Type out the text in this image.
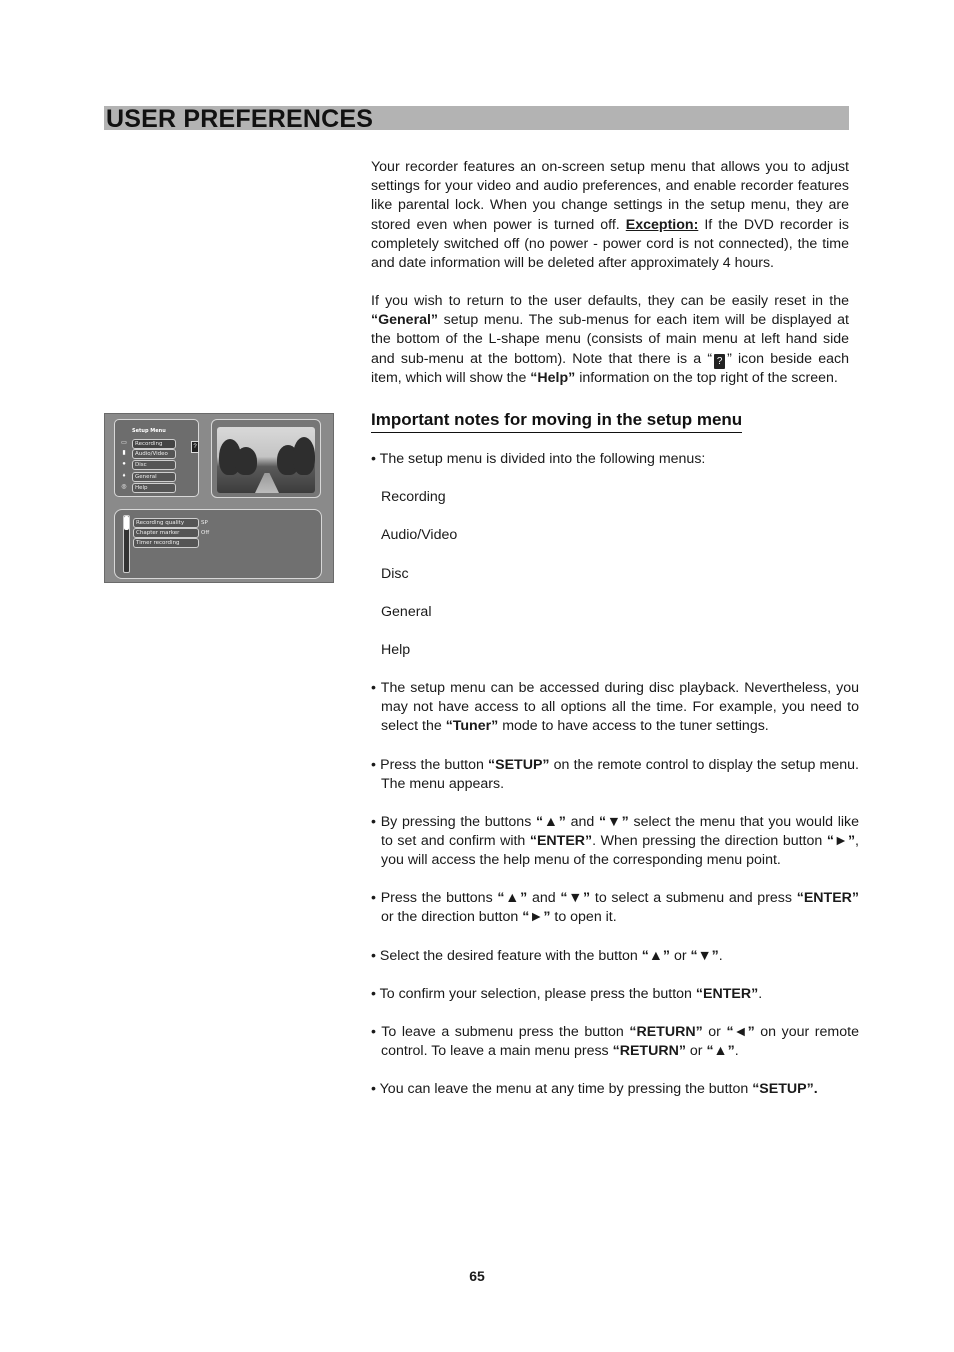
USER PREFERENCES
Your recorder features an on-screen setup menu that allows you to adjust settings for your video and audio preferences, and enable recorder features like parental lock. When you change settings in the setup menu, they are stored even when power is turned off. Exception: If the DVD recorder is completely switched off (no power - power cord is not connected), the time and date information will be deleted after approximately 4 hours.
If you wish to return to the user defaults, they can be easily reset in the “General” setup menu. The sub-menus for each item will be displayed at the bottom of the L-shape menu (consists of main menu at left hand side and sub-menu at the bottom). Note that there is a “ ? ” icon beside each item, which will show the “Help” information on the top right of the screen.
Setup Menu
▭	Recording	?
▮	Audio/Video
●	Disc
♦	General
◎	Help
Recording quality	SP
Chapter marker	Off
Timer recording
Important notes for moving in the setup menu
• The setup menu is divided into the following menus:
Recording
Audio/Video
Disc
General
Help
• The setup menu can be accessed during disc playback. Nevertheless, you may not have access to all options all the time. For example, you need to select the “Tuner” mode to have access to the tuner settings.
• Press the button “SETUP” on the remote control to display the setup menu. The menu appears.
• By pressing the buttons “▲” and “▼” select the menu that you would like to set and confirm with “ENTER”. When pressing the direction button “►”, you will access the help menu of the corresponding menu point.
• Press the buttons “▲” and “▼” to select a submenu and press “ENTER” or the direction button “►” to open it.
• Select the desired feature with the button “▲” or “▼”.
• To confirm your selection, please press the button “ENTER”.
• To leave a submenu press the button “RETURN” or “◄” on your remote control. To leave a main menu press “RETURN” or “▲”.
• You can leave the menu at any time by pressing the button “SETUP”.
65
